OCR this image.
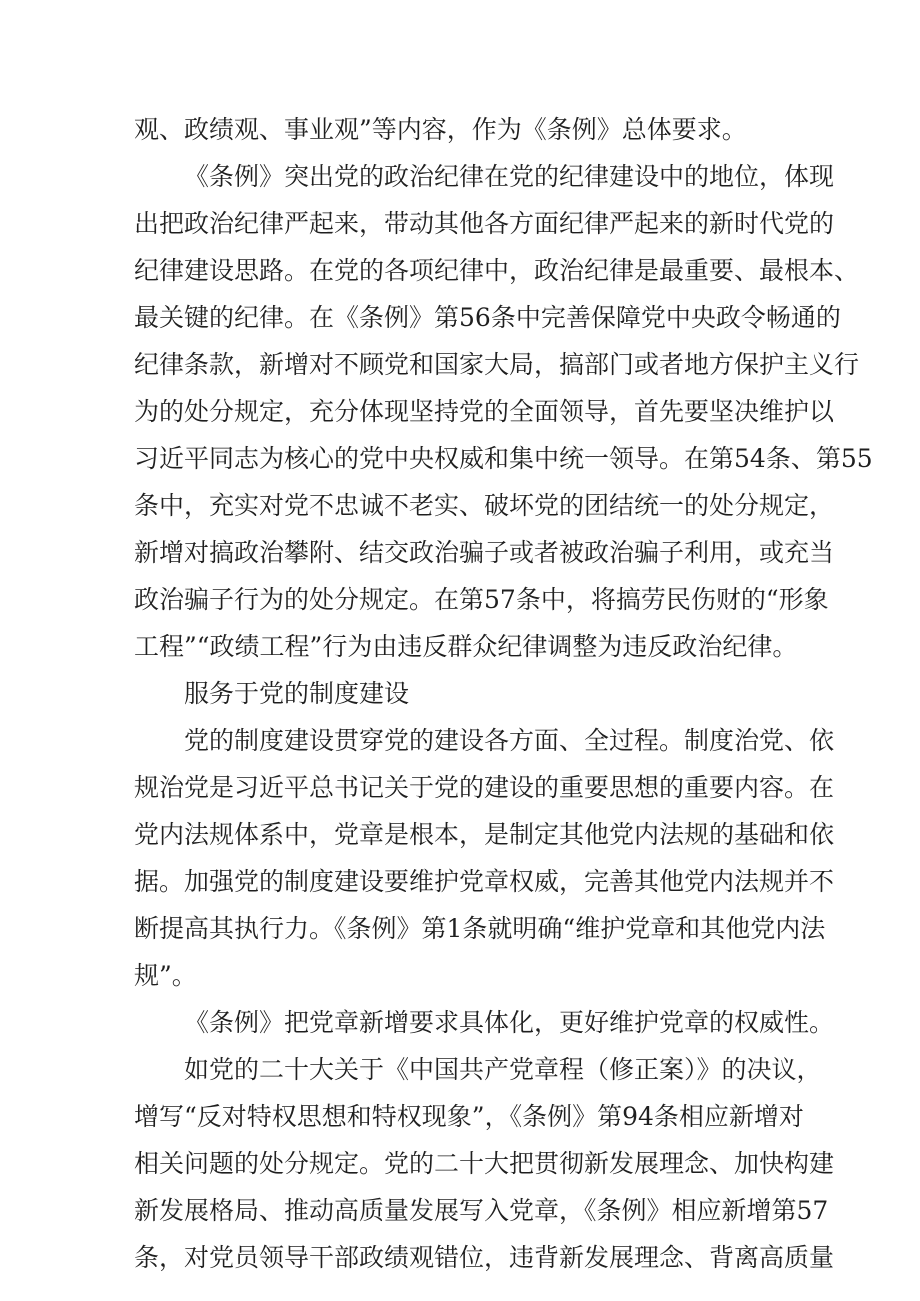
观、政绩观、事业观”等内容，作为《条例》总体要求。
《条例》突出党的政治纪律在党的纪律建设中的地位，体现
出把政治纪律严起来，带动其他各方面纪律严起来的新时代党的
纪律建设思路。在党的各项纪律中，政治纪律是最重要、最根本、
最关键的纪律。在《条例》第56条中完善保障党中央政令畅通的
纪律条款，新增对不顾党和国家大局，搞部门或者地方保护主义行
为的处分规定，充分体现坚持党的全面领导，首先要坚决维护以
习近平同志为核心的党中央权威和集中统一领导。在第54条、第55
条中，充实对党不忠诚不老实、破坏党的团结统一的处分规定，
新增对搞政治攀附、结交政治骗子或者被政治骗子利用，或充当
政治骗子行为的处分规定。在第57条中，将搞劳民伤财的“形象
工程”“政绩工程”行为由违反群众纪律调整为违反政治纪律。
服务于党的制度建设
党的制度建设贯穿党的建设各方面、全过程。制度治党、依
规治党是习近平总书记关于党的建设的重要思想的重要内容。在
党内法规体系中，党章是根本，是制定其他党内法规的基础和依
据。加强党的制度建设要维护党章权威，完善其他党内法规并不
断提高其执行力。《条例》第1条就明确“维护党章和其他党内法
规”。
《条例》把党章新增要求具体化，更好维护党章的权威性。
如党的二十大关于《中国共产党章程（修正案）》的决议，
增写“反对特权思想和特权现象”，《条例》第94条相应新增对
相关问题的处分规定。党的二十大把贯彻新发展理念、加快构建
新发展格局、推动高质量发展写入党章，《条例》相应新增第57
条，对党员领导干部政绩观错位，违背新发展理念、背离高质量
